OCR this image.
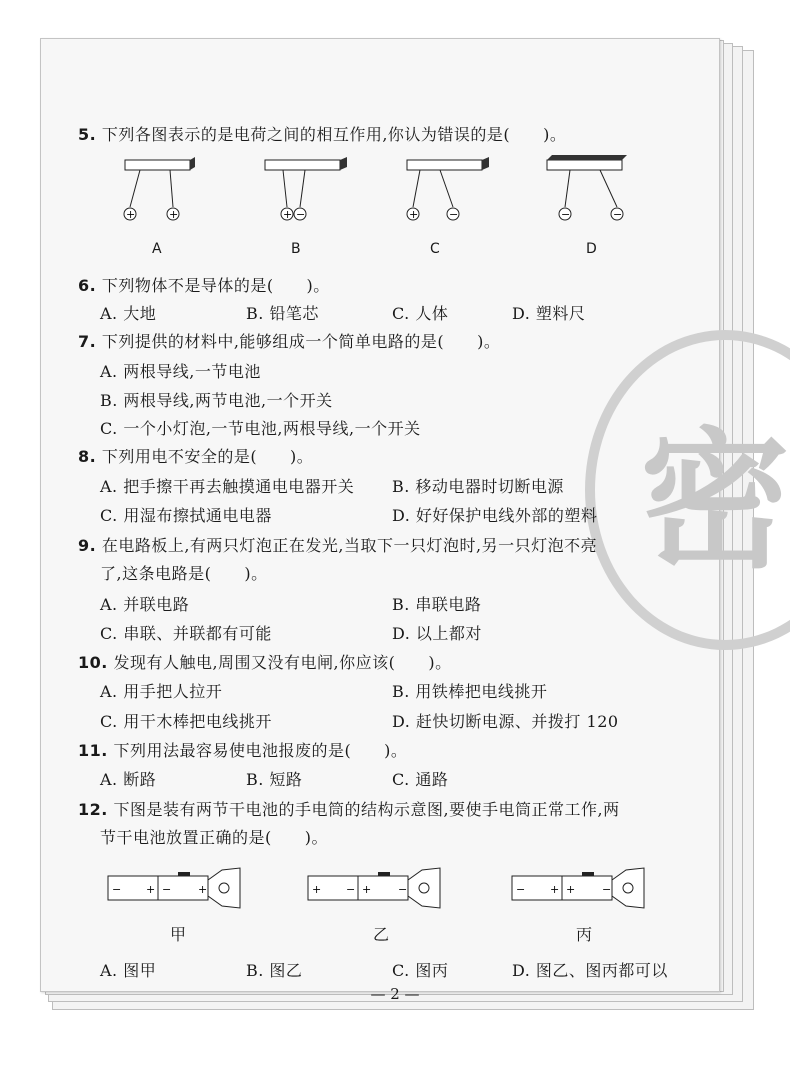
密
5. 下列各图表示的是电荷之间的相互作用,你认为错误的是(　　)。
+	+	+ −	+	−	−	−
A	B	C	D
6. 下列物体不是导体的是(　　)。
A. 大地	B. 铅笔芯	C. 人体	D. 塑料尺
7. 下列提供的材料中,能够组成一个简单电路的是(　　)。
A. 两根导线,一节电池
B. 两根导线,两节电池,一个开关
C. 一个小灯泡,一节电池,两根导线,一个开关
8. 下列用电不安全的是(　　)。
A. 把手擦干再去触摸通电电器开关 B. 移动电器时切断电源
C. 用湿布擦拭通电电器	D. 好好保护电线外部的塑料
9. 在电路板上,有两只灯泡正在发光,当取下一只灯泡时,另一只灯泡不亮
了,这条电路是(　　)。
A. 并联电路	B. 串联电路
C. 串联、并联都有可能	D. 以上都对
10. 发现有人触电,周围又没有电闸,你应该(　　)。
A. 用手把人拉开	B. 用铁棒把电线挑开
C. 用干木棒把电线挑开	D. 赶快切断电源、并拨打 120
11. 下列用法最容易使电池报废的是(　　)。
A. 断路	B. 短路	C. 通路
12. 下图是装有两节干电池的手电筒的结构示意图,要使手电筒正常工作,两
节干电池放置正确的是(　　)。
− + − +	+ − + −	− + + −
甲	乙	丙
A. 图甲	B. 图乙	C. 图丙	D. 图乙、图丙都可以
— 2 —
